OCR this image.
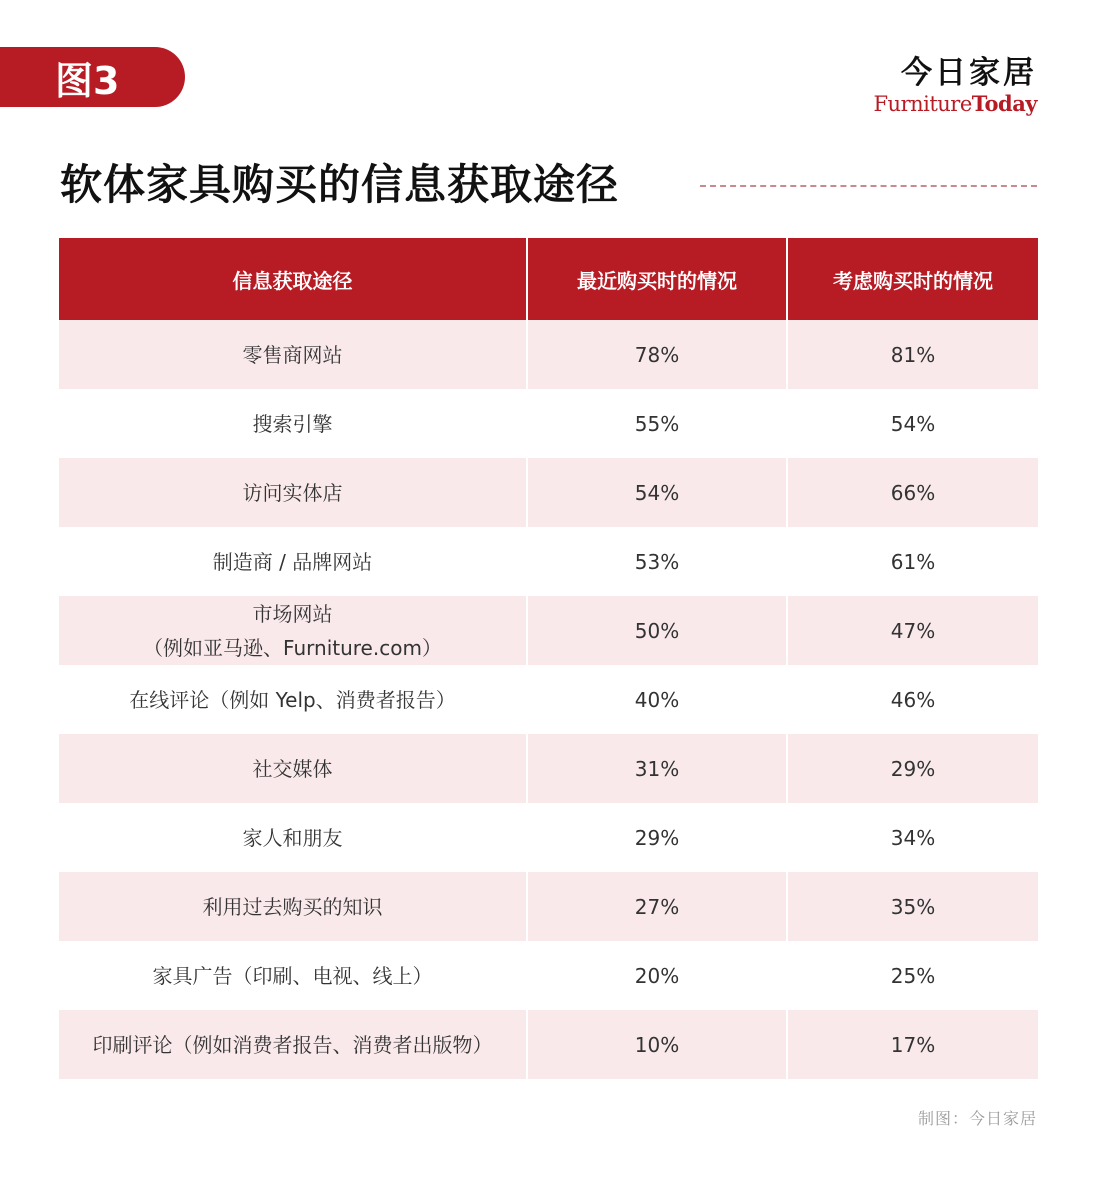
图3	今日家居
FurnitureToday
软体家具购买的信息获取途径
信息获取途径	最近购买时的情况	考虑购买时的情况
零售商网站	78%	81%
搜索引擎	55%	54%
访问实体店	54%	66%
制造商 / 品牌网站	53%	61%

市场网站
（例如亚马逊、Furniture.com）	50%	47%
在线评论（例如 Yelp、消费者报告）	40%	46%
社交媒体	31%	29%
家人和朋友	29%	34%
利用过去购买的知识	27%	35%
家具广告（印刷、电视、线上）	20%	25%
印刷评论（例如消费者报告、消费者出版物）	10%	17%
制图：今日家居
